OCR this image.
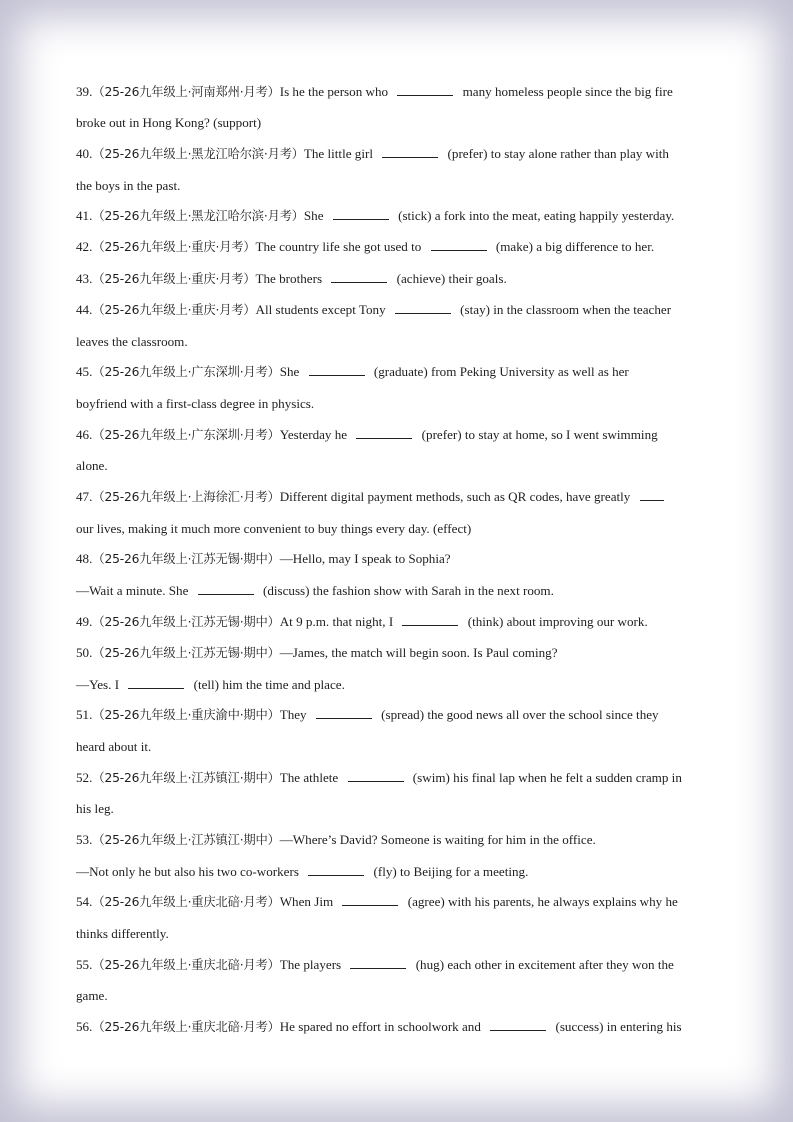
39.（25-26九年级上·河南郑州·月考）Is he the person who	many homeless people since the big fire
broke out in Hong Kong? (support)
40.（25-26九年级上·黑龙江哈尔滨·月考）The little girl	(prefer) to stay alone rather than play with
the boys in the past.
41.（25-26九年级上·黑龙江哈尔滨·月考）She	(stick) a fork into the meat, eating happily yesterday.
42.（25-26九年级上·重庆·月考）The country life she got used to	(make) a big difference to her.
43.（25-26九年级上·重庆·月考）The brothers	(achieve) their goals.
44.（25-26九年级上·重庆·月考）All students except Tony	(stay) in the classroom when the teacher
leaves the classroom.
45.（25-26九年级上·广东深圳·月考）She	(graduate) from Peking University as well as her
boyfriend with a first-class degree in physics.
46.（25-26九年级上·广东深圳·月考）Yesterday he	(prefer) to stay at home, so I went swimming
alone.
47.（25-26九年级上·上海徐汇·月考）Different digital payment methods, such as QR codes, have greatly
our lives, making it much more convenient to buy things every day. (effect)
48.（25-26九年级上·江苏无锡·期中）—Hello, may I speak to Sophia?
—Wait a minute. She	(discuss) the fashion show with Sarah in the next room.
49.（25-26九年级上·江苏无锡·期中）At 9 p.m. that night, I	(think) about improving our work.
50.（25-26九年级上·江苏无锡·期中）—James, the match will begin soon. Is Paul coming?
—Yes. I	(tell) him the time and place.
51.（25-26九年级上·重庆渝中·期中）They	(spread) the good news all over the school since they
heard about it.
52.（25-26九年级上·江苏镇江·期中）The athlete	(swim) his final lap when he felt a sudden cramp in
his leg.
53.（25-26九年级上·江苏镇江·期中）—Where’s David? Someone is waiting for him in the office.
—Not only he but also his two co-workers	(fly) to Beijing for a meeting.
54.（25-26九年级上·重庆北碚·月考）When Jim	(agree) with his parents, he always explains why he
thinks differently.
55.（25-26九年级上·重庆北碚·月考）The players	(hug) each other in excitement after they won the
game.
56.（25-26九年级上·重庆北碚·月考）He spared no effort in schoolwork and	(success) in entering his
